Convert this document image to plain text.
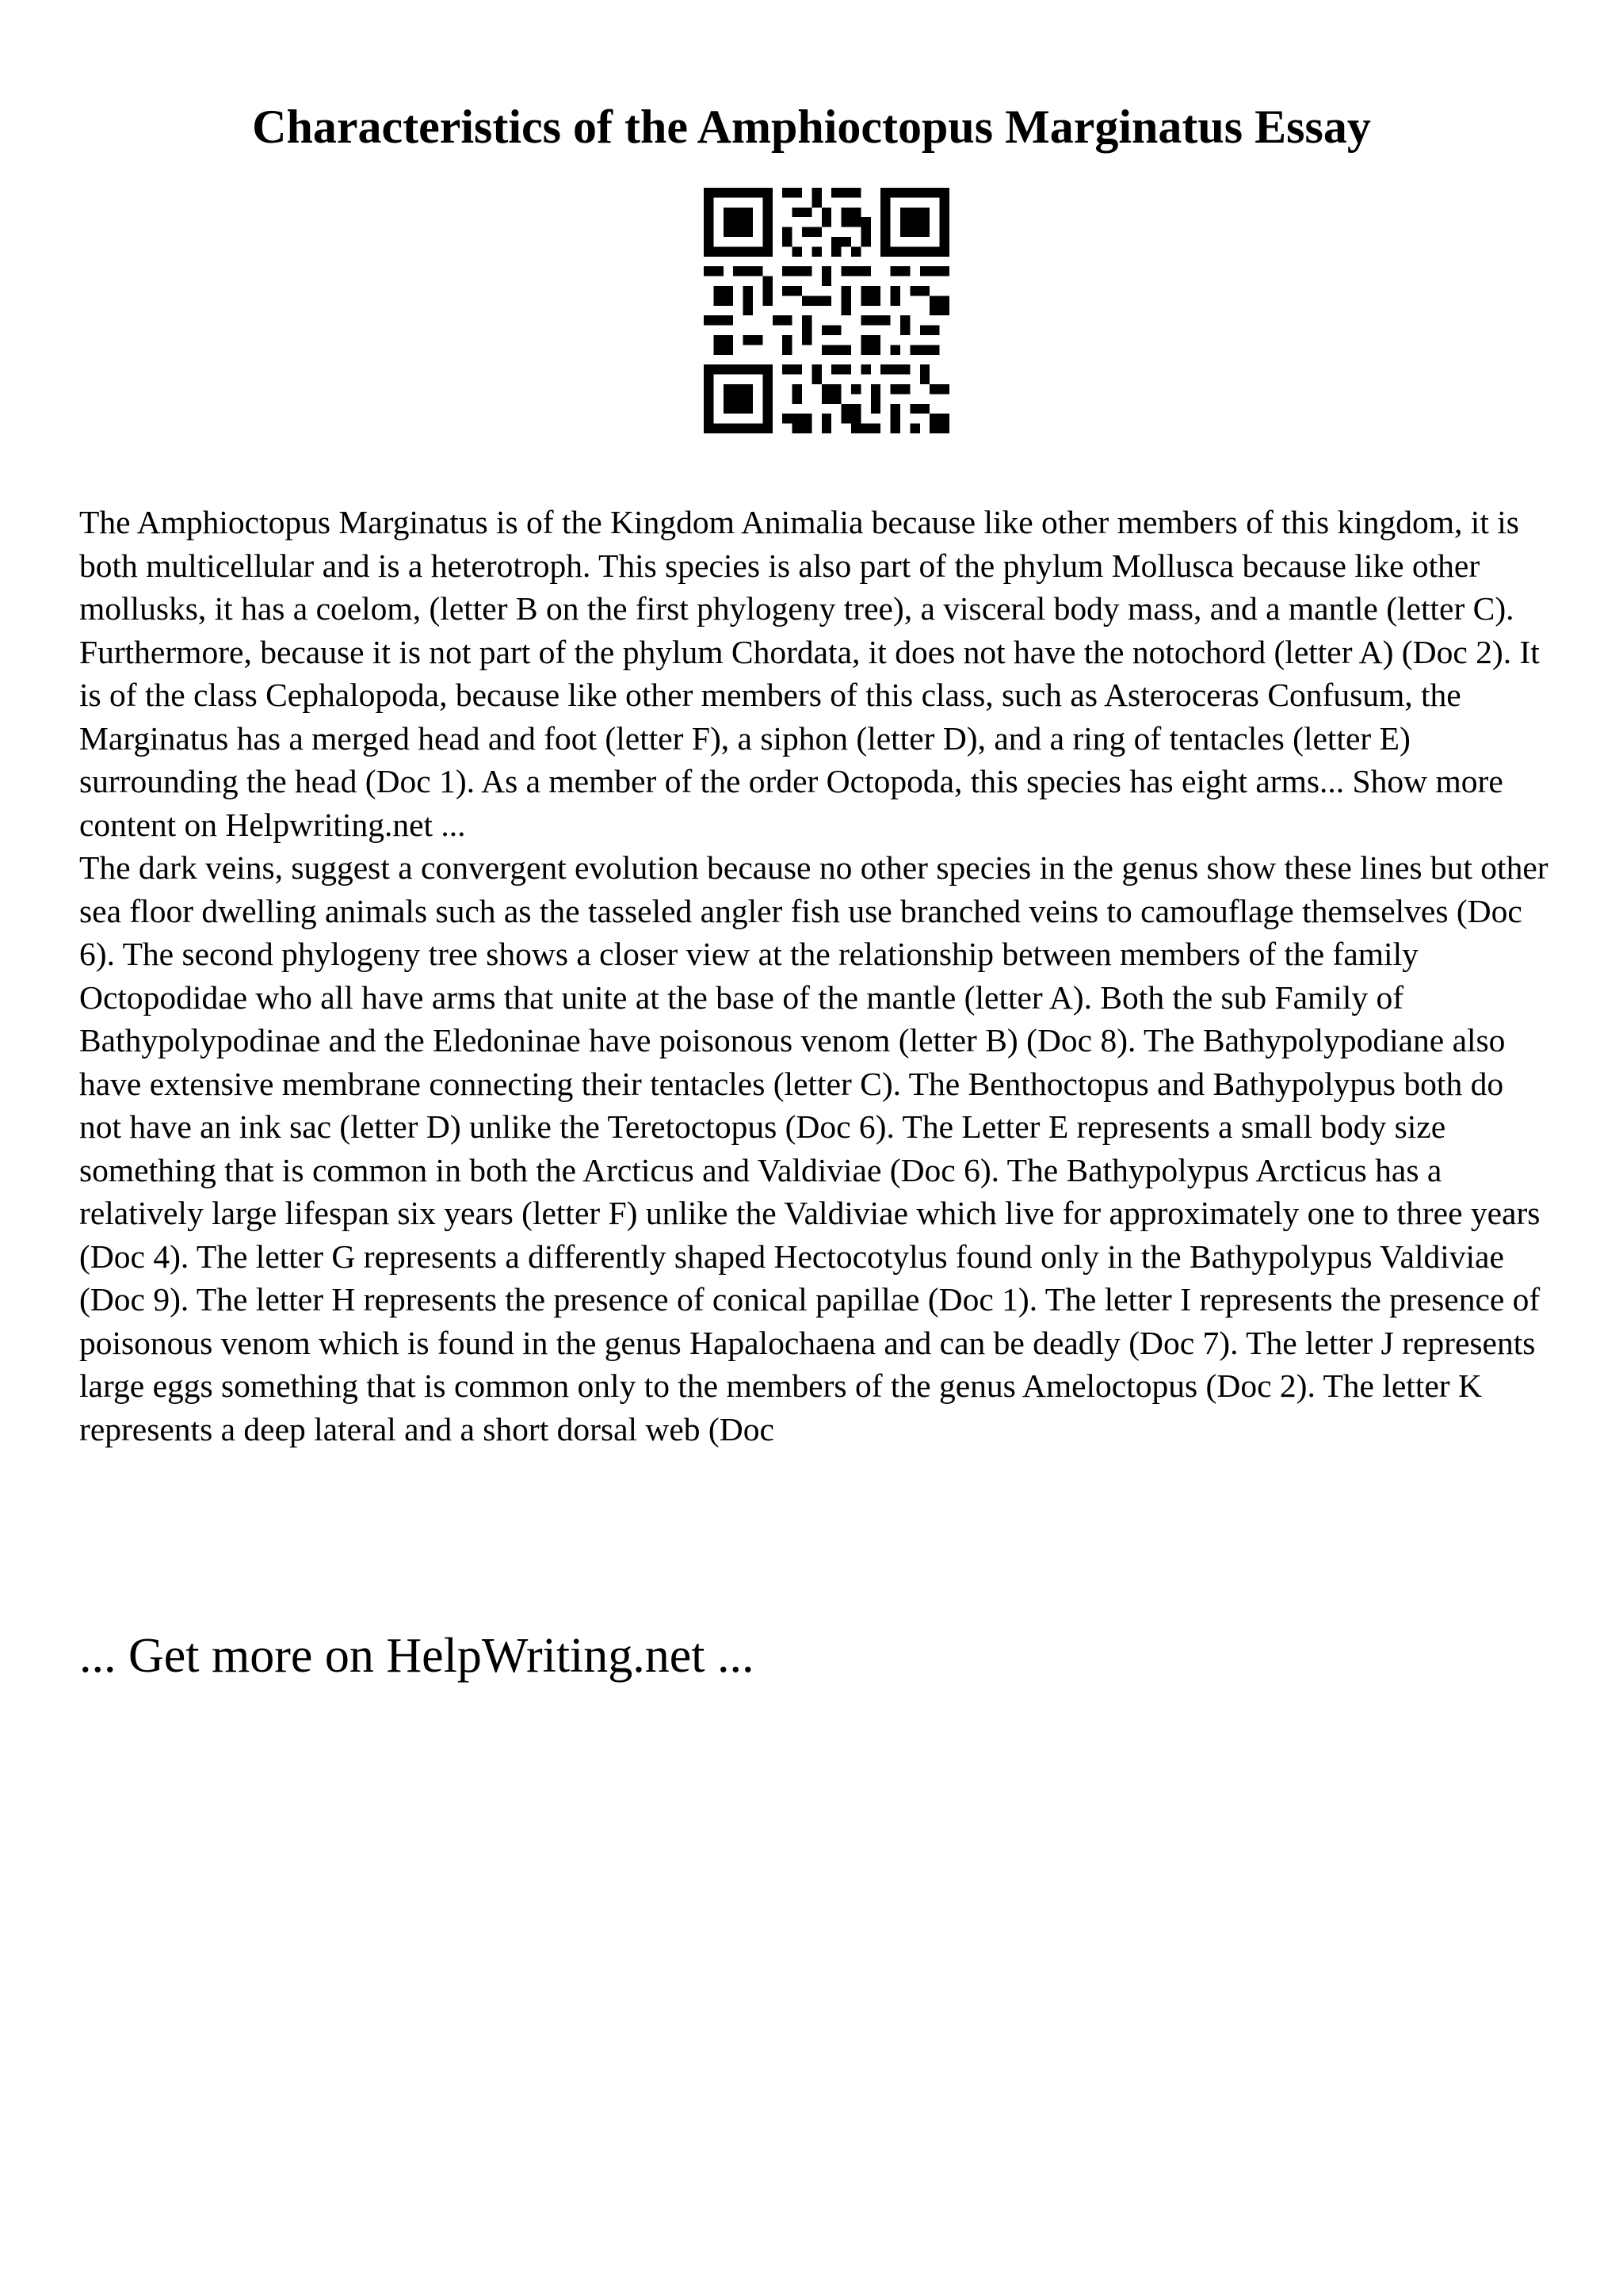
Characteristics of the Amphioctopus Marginatus Essay

The Amphioctopus Marginatus is of the Kingdom Animalia because like other members of this kingdom, it is both multicellular and is a heterotroph. This species is also part of the phylum Mollusca because like other mollusks, it has a coelom, (letter B on the first phylogeny tree), a visceral body mass, and a mantle (letter C). Furthermore, because it is not part of the phylum Chordata, it does not have the notochord (letter A) (Doc 2). It is of the class Cephalopoda, because like other members of this class, such as Asteroceras Confusum, the Marginatus has a merged head and foot (letter F), a siphon (letter D), and a ring of tentacles (letter E) surrounding the head (Doc 1). As a member of the order Octopoda, this species has eight arms... Show more content on Helpwriting.net ...

The dark veins, suggest a convergent evolution because no other species in the genus show these lines but other sea floor dwelling animals such as the tasseled angler fish use branched veins to camouflage themselves (Doc 6). The second phylogeny tree shows a closer view at the relationship between members of the family Octopodidae who all have arms that unite at the base of the mantle (letter A). Both the sub Family of Bathypolypodinae and the Eledoninae have poisonous venom (letter B) (Doc 8). The Bathypolypodiane also have extensive membrane connecting their tentacles (letter C). The Benthoctopus and Bathypolypus both do not have an ink sac (letter D) unlike the Teretoctopus (Doc 6). The Letter E represents a small body size something that is common in both the Arcticus and Valdiviae (Doc 6). The Bathypolypus Arcticus has a relatively large lifespan six years (letter F) unlike the Valdiviae which live for approximately one to three years (Doc 4). The letter G represents a differently shaped Hectocotylus found only in the Bathypolypus Valdiviae (Doc 9). The letter H represents the presence of conical papillae (Doc 1). The letter I represents the presence of poisonous venom which is found in the genus Hapalochaena and can be deadly (Doc 7). The letter J represents large eggs something that is common only to the members of the genus Ameloctopus (Doc 2). The letter K represents a deep lateral and a short dorsal web (Doc

... Get more on HelpWriting.net ...
